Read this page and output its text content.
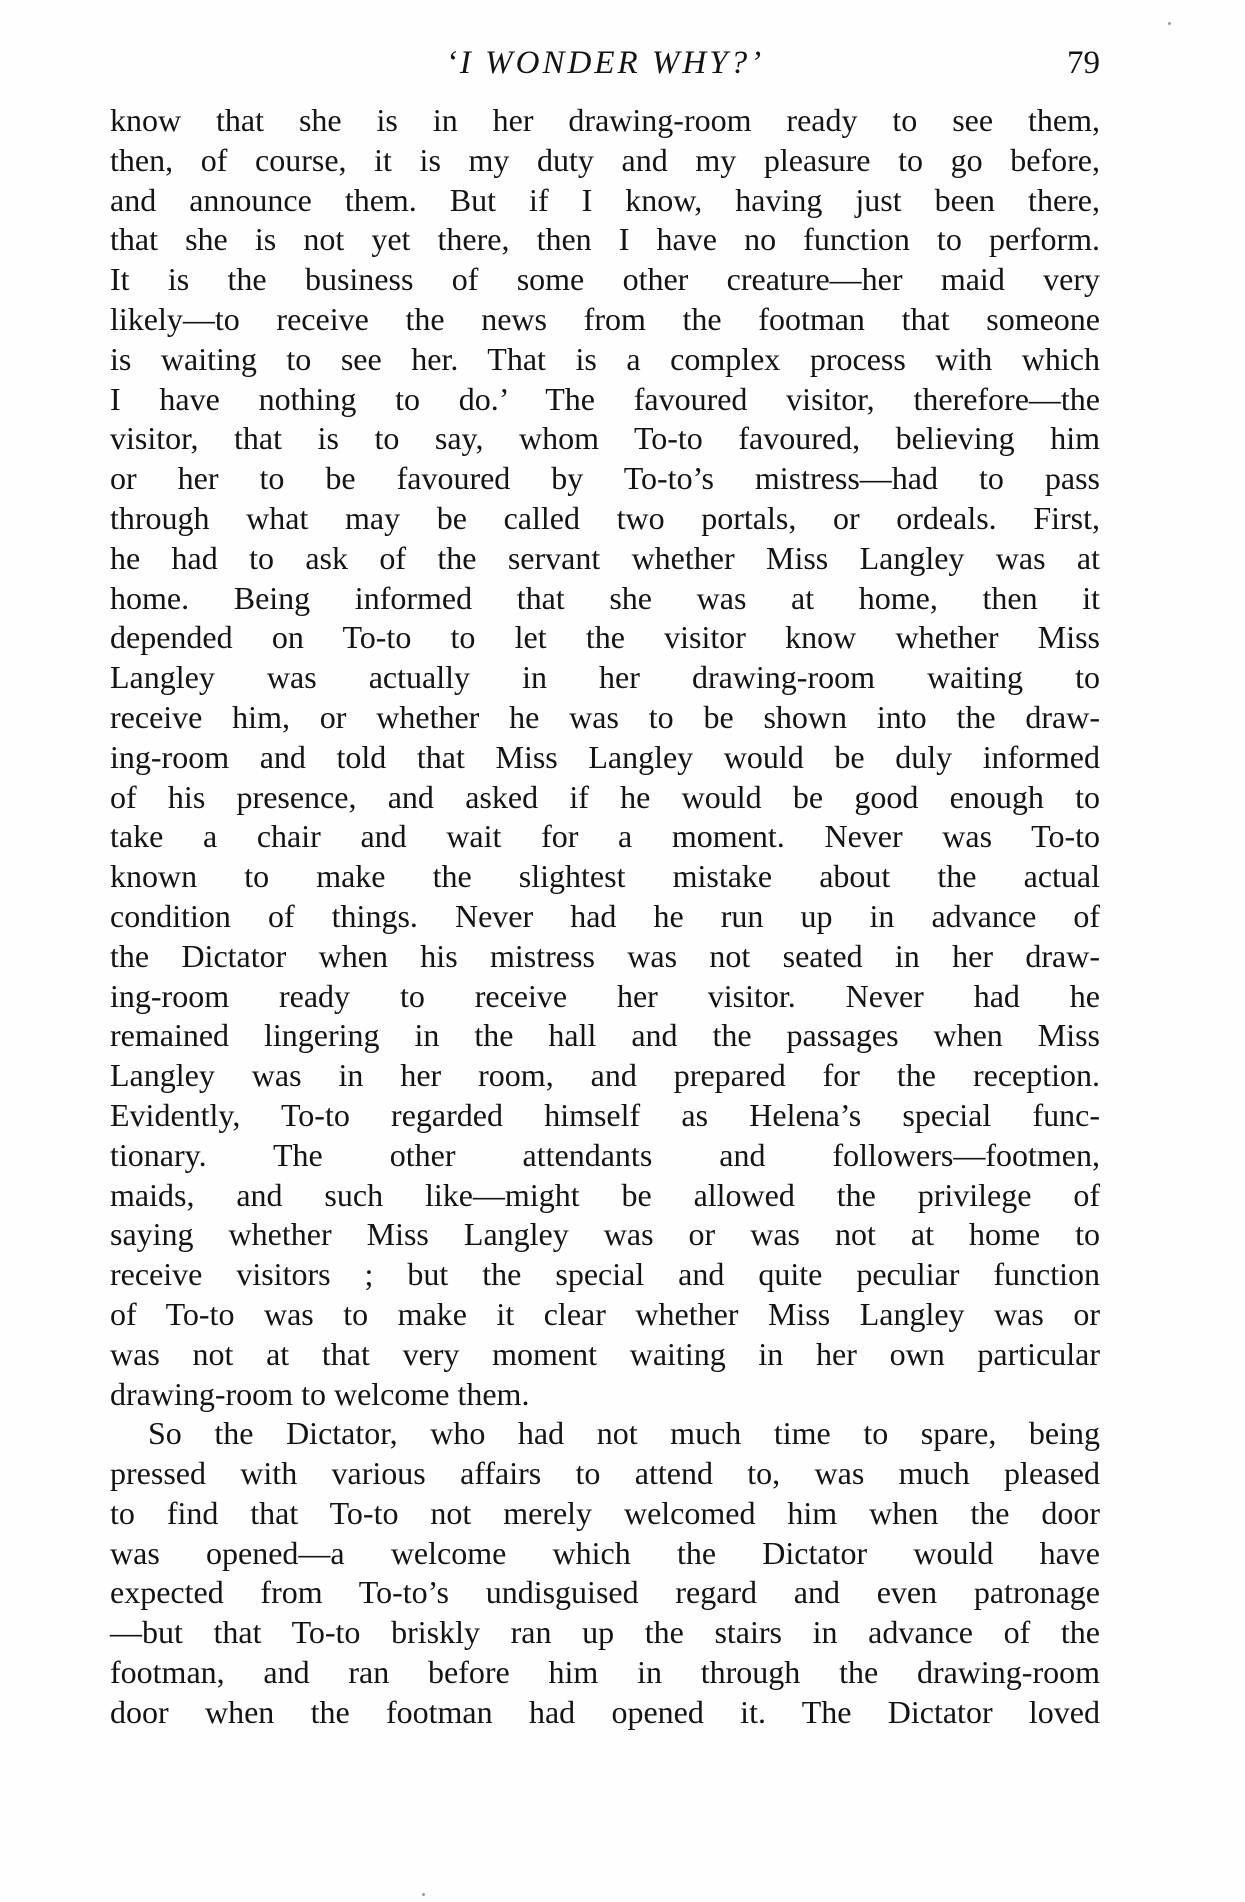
‘I WONDER WHY?’	79
know that she is in her drawing-room ready to see them,
then, of course, it is my duty and my pleasure to go before,
and announce them. But if I know, having just been there,
that she is not yet there, then I have no function to perform.
It is the business of some other creature—her maid very
likely—to receive the news from the footman that someone
is waiting to see her. That is a complex process with which
I have nothing to do.’ The favoured visitor, therefore—the
visitor, that is to say, whom To-to favoured, believing him
or her to be favoured by To-to’s mistress—had to pass
through what may be called two portals, or ordeals. First,
he had to ask of the servant whether Miss Langley was at
home. Being informed that she was at home, then it
depended on To-to to let the visitor know whether Miss
Langley was actually in her drawing-room waiting to
receive him, or whether he was to be shown into the draw-
ing-room and told that Miss Langley would be duly informed
of his presence, and asked if he would be good enough to
take a chair and wait for a moment. Never was To-to
known to make the slightest mistake about the actual
condition of things. Never had he run up in advance of
the Dictator when his mistress was not seated in her draw-
ing-room ready to receive her visitor. Never had he
remained lingering in the hall and the passages when Miss
Langley was in her room, and prepared for the reception.
Evidently, To-to regarded himself as Helena’s special func-
tionary. The other attendants and followers—footmen,
maids, and such like—might be allowed the privilege of
saying whether Miss Langley was or was not at home to
receive visitors ; but the special and quite peculiar function
of To-to was to make it clear whether Miss Langley was or
was not at that very moment waiting in her own particular
drawing-room to welcome them.
So the Dictator, who had not much time to spare, being
pressed with various affairs to attend to, was much pleased
to find that To-to not merely welcomed him when the door
was opened—a welcome which the Dictator would have
expected from To-to’s undisguised regard and even patronage
—but that To-to briskly ran up the stairs in advance of the
footman, and ran before him in through the drawing-room
door when the footman had opened it. The Dictator loved
